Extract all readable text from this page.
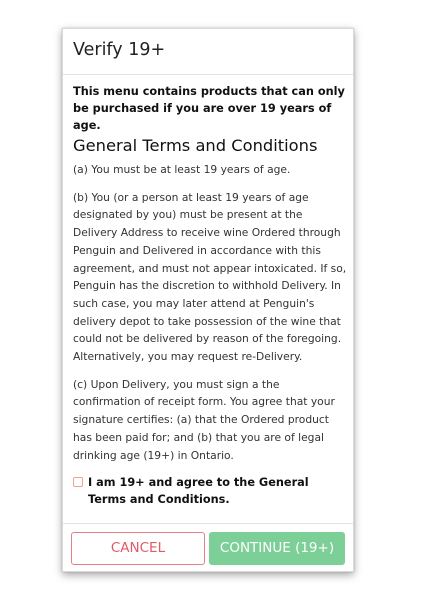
Verify 19+

This menu contains products that can only be purchased if you are over 19 years of age.

General Terms and Conditions

(a) You must be at least 19 years of age.

(b) You (or a person at least 19 years of age designated by you) must be present at the Delivery Address to receive wine Ordered through Penguin and Delivered in accordance with this agreement, and must not appear intoxicated. If so, Penguin has the discretion to withhold Delivery. In such case, you may later attend at Penguin's delivery depot to take possession of the wine that could not be delivered by reason of the foregoing. Alternatively, you may request re-Delivery.

(c) Upon Delivery, you must sign a the confirmation of receipt form. You agree that your signature certifies: (a) that the Ordered product has been paid for; and (b) that you are of legal drinking age (19+) in Ontario.

I am 19+ and agree to the General Terms and Conditions.
CANCEL	CONTINUE (19+)
